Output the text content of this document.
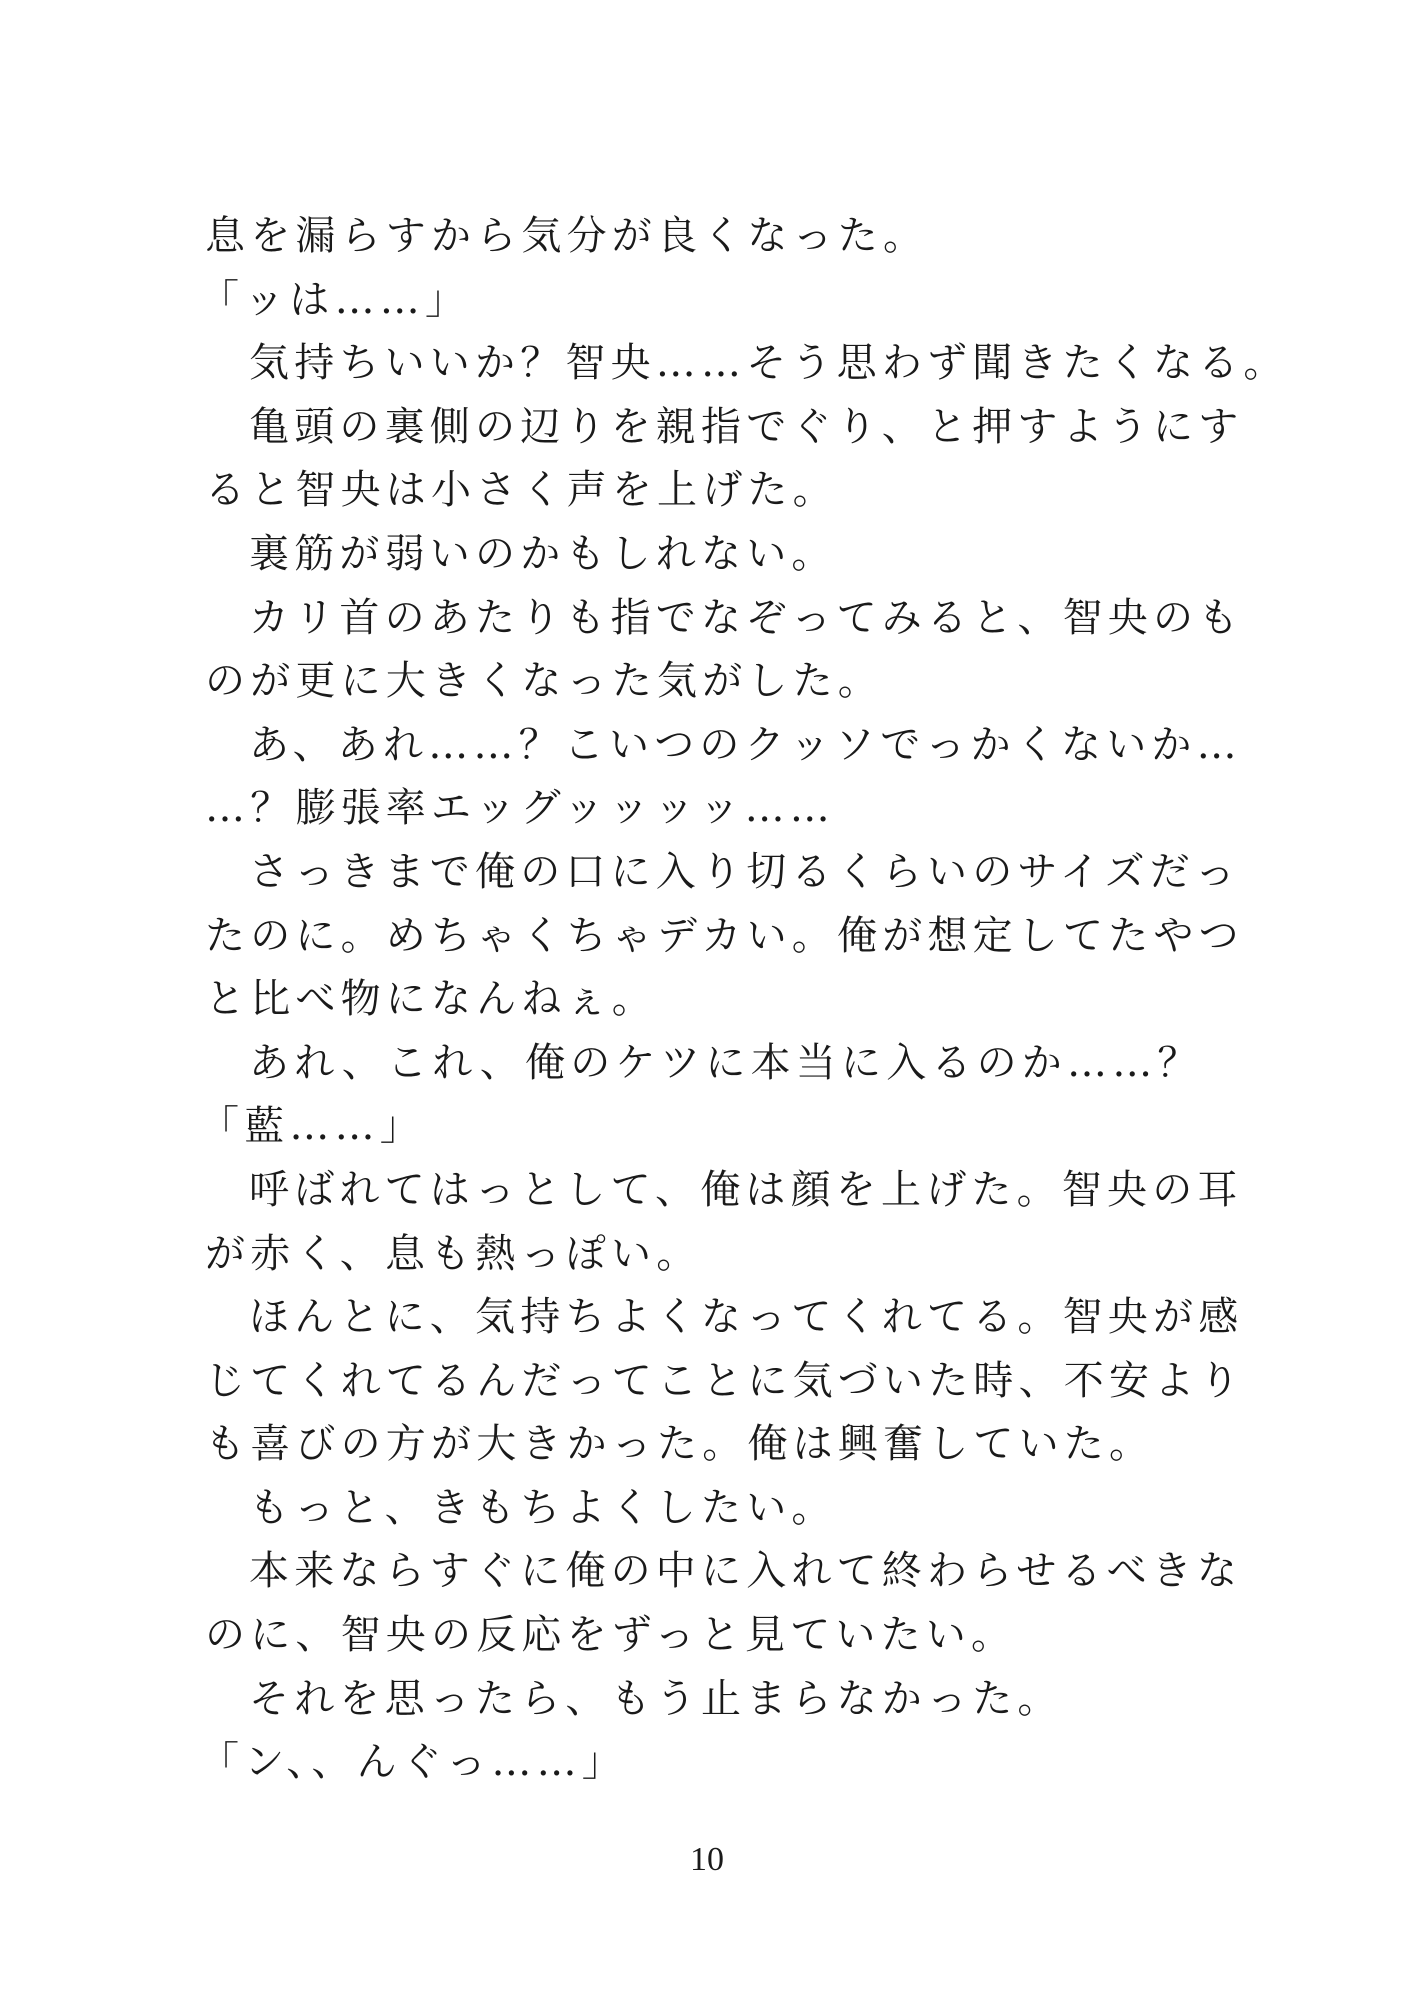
息を漏らすから気分が良くなった。
「ッは……」
気持ちいいか？智央……そう思わず聞きたくなる。
亀頭の裏側の辺りを親指でぐり、と押すようにす
ると智央は小さく声を上げた。
裏筋が弱いのかもしれない。
カリ首のあたりも指でなぞってみると、智央のも
のが更に大きくなった気がした。
あ、あれ……？こいつのクッソでっかくないか…
…？膨張率エッグッッッッ……
さっきまで俺の口に入り切るくらいのサイズだっ
たのに。めちゃくちゃデカい。俺が想定してたやつ
と比べ物になんねぇ。
あれ、これ、俺のケツに本当に入るのか……？
「藍……」
呼ばれてはっとして、俺は顔を上げた。智央の耳
が赤く、息も熱っぽい。
ほんとに、気持ちよくなってくれてる。智央が感
じてくれてるんだってことに気づいた時、不安より
も喜びの方が大きかった。俺は興奮していた。
もっと、きもちよくしたい。
本来ならすぐに俺の中に入れて終わらせるべきな
のに、智央の反応をずっと見ていたい。
それを思ったら、もう止まらなかった。
「ン、、んぐっ……」
10
